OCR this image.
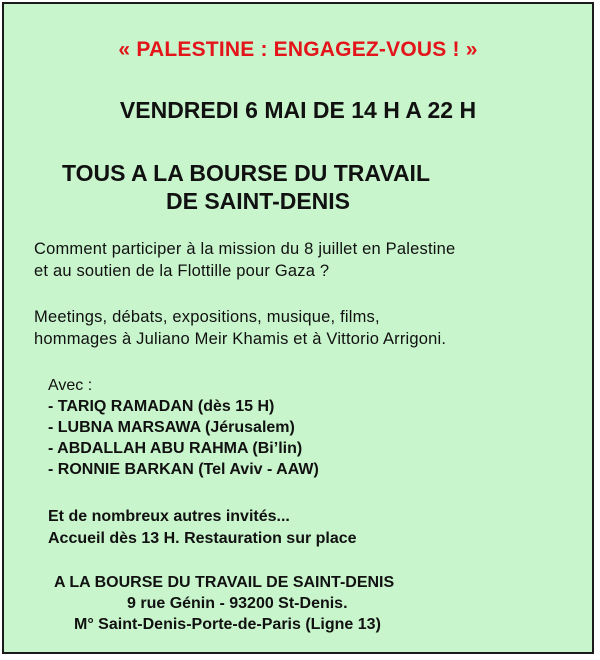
« PALESTINE : ENGAGEZ-VOUS ! »
VENDREDI 6 MAI DE 14 H A 22 H
TOUS A LA BOURSE DU TRAVAIL
DE SAINT-DENIS
Comment participer à la mission du 8 juillet en Palestine
et au soutien de la Flottille pour Gaza ?
Meetings, débats, expositions, musique, films,
hommages à Juliano Meir Khamis et à Vittorio Arrigoni.
Avec :
- TARIQ RAMADAN (dès 15 H)
- LUBNA MARSAWA (Jérusalem)
- ABDALLAH ABU RAHMA (Bi’lin)
- RONNIE BARKAN (Tel Aviv - AAW)
Et de nombreux autres invités...
Accueil dès 13 H. Restauration sur place
A LA BOURSE DU TRAVAIL DE SAINT-DENIS
9 rue Génin - 93200 St-Denis.
M° Saint-Denis-Porte-de-Paris (Ligne 13)
